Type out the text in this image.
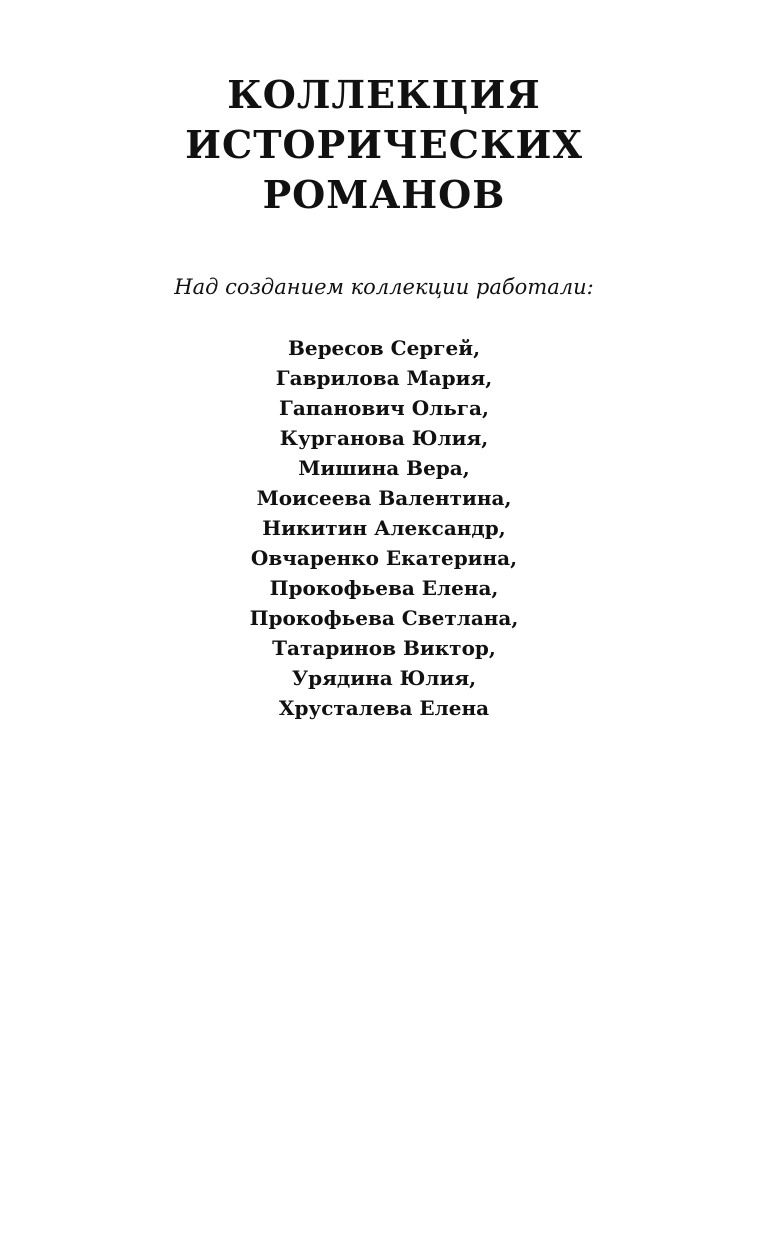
КОЛЛЕКЦИЯ
ИСТОРИЧЕСКИХ
РОМАНОВ

Над созданием коллекции работали:

Вересов Сергей,
Гаврилова Мария,
Гапанович Ольга,
Курганова Юлия,
Мишина Вера,
Моисеева Валентина,
Никитин Александр,
Овчаренко Екатерина,
Прокофьева Елена,
Прокофьева Светлана,
Татаринов Виктор,
Урядина Юлия,
Хрусталева Елена
